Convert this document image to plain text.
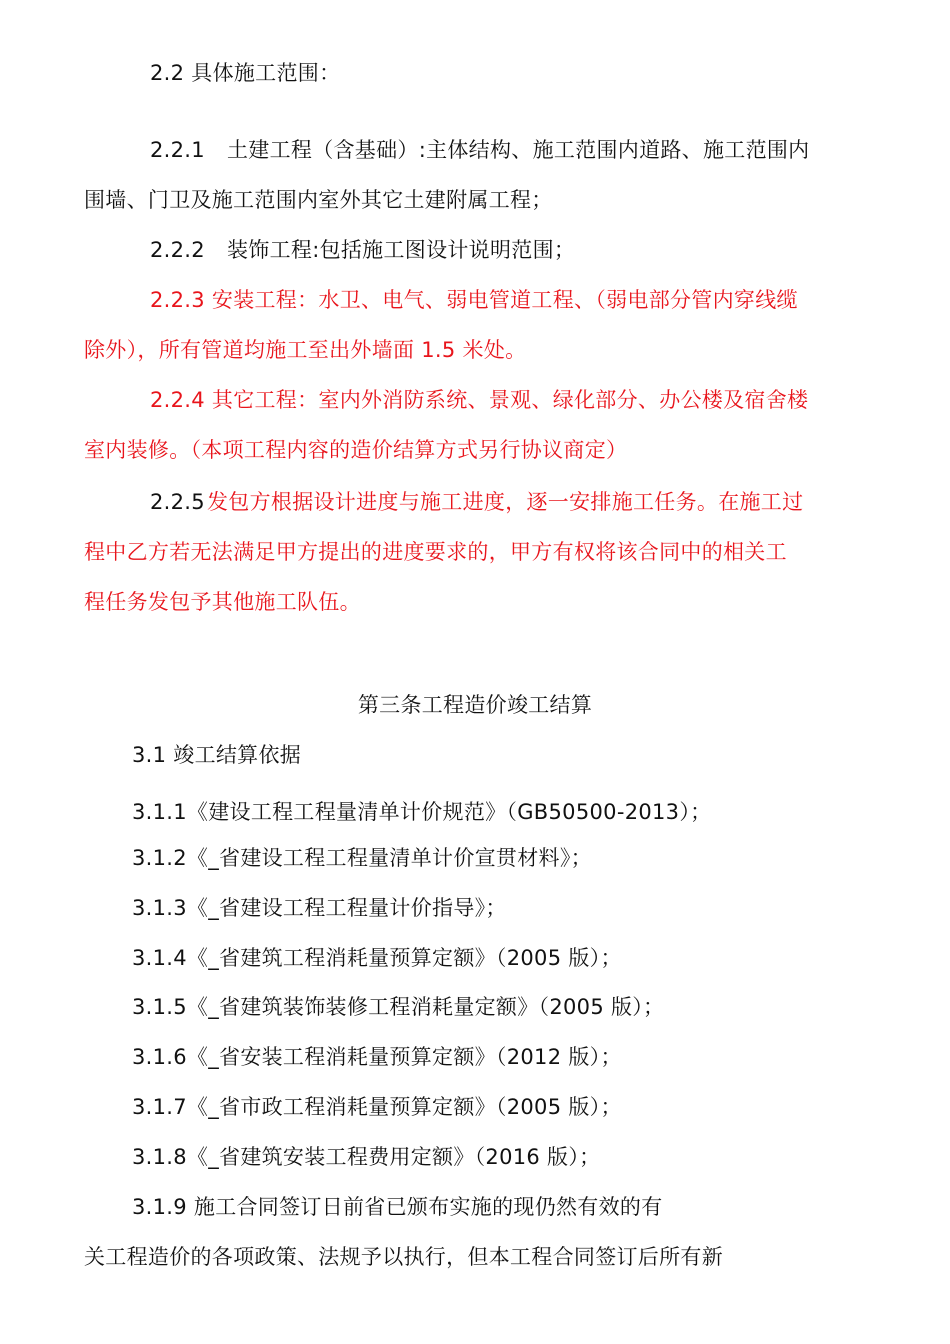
2.2 具体施工范围：
2.2.1 土建工程（含基础）:主体结构、施工范围内道路、施工范围内
围墙、门卫及施工范围内室外其它土建附属工程；
2.2.2 装饰工程:包括施工图设计说明范围；
2.2.3 安装工程：水卫、电气、弱电管道工程、（弱电部分管内穿线缆
除外），所有管道均施工至出外墙面 1.5 米处。
2.2.4 其它工程：室内外消防系统、景观、绿化部分、办公楼及宿舍楼
室内装修。（本项工程内容的造价结算方式另行协议商定）
2.2.5 发包方根据设计进度与施工进度，逐一安排施工任务。在施工过
程中乙方若无法满足甲方提出的进度要求的，甲方有权将该合同中的相关工
程任务发包予其他施工队伍。
第三条工程造价竣工结算
3.1 竣工结算依据
3.1.1《建设工程工程量清单计价规范》（GB50500-2013）；
3.1.2《_省建设工程工程量清单计价宣贯材料》；
3.1.3《_省建设工程工程量计价指导》；
3.1.4《_省建筑工程消耗量预算定额》（2005 版）；
3.1.5《_省建筑装饰装修工程消耗量定额》（2005 版）；
3.1.6《_省安装工程消耗量预算定额》（2012 版）；
3.1.7《_省市政工程消耗量预算定额》（2005 版）；
3.1.8《_省建筑安装工程费用定额》（2016 版）；
3.1.9 施工合同签订日前省已颁布实施的现仍然有效的有
关工程造价的各项政策、法规予以执行，但本工程合同签订后所有新
